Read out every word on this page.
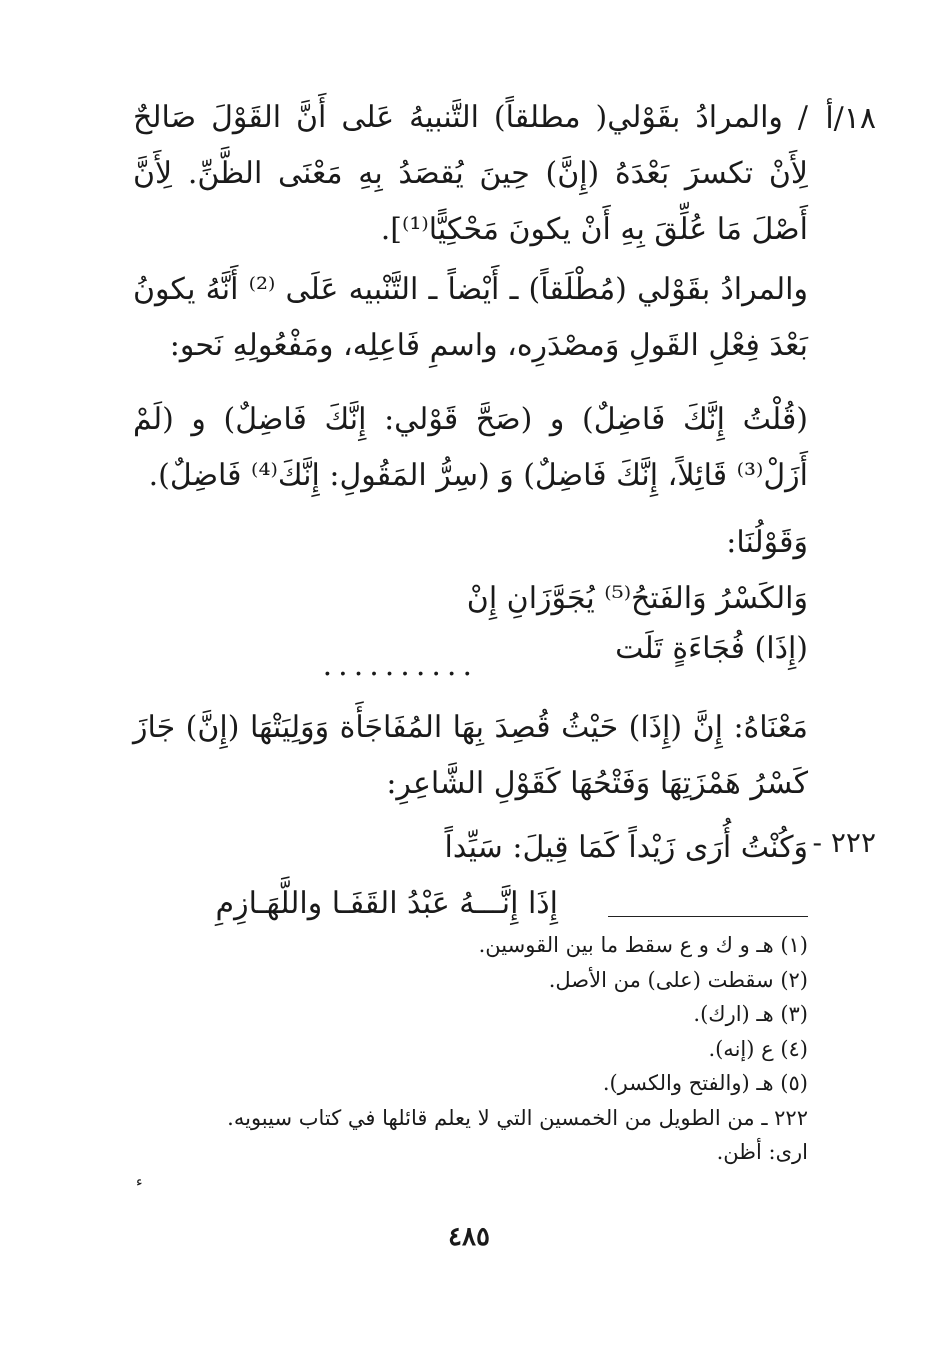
١٨/أ

/ والمرادُ بقَوْلي( مطلقاً) التَّنبيهُ عَلى أَنَّ القَوْلَ صَالحٌ لِأَنْ تكسرَ بَعْدَهُ (إِنَّ) حِينَ يُقصَدُ بِهِ مَعْنَى الظَّنِّ. لِأَنَّ أَصْلَ مَا عُلِّقَ بِهِ أَنْ يكونَ مَحْكِيًّا⁽¹⁾].

والمرادُ بقَوْلي (مُطْلَقاً) ـ أَيْضاً ـ التَّنْبيه عَلَى ⁽²⁾ أَنَّهُ يكونُ بَعْدَ فِعْلِ القَولِ وَمصْدَرِه، واسمِ فَاعِلِه، ومَفْعُولِهِ نَحو:

(قُلْتُ إِنَّكَ فَاضِلٌ) و (صَحَّ قَوْلي: إِنَّكَ فَاضِلٌ) و (لَمْ أَزَلْ⁽³⁾ قَائِلاً، إِنَّكَ فَاضِلٌ) وَ (سِرُّ المَقُولِ: إِنَّكَ⁽⁴⁾ فَاضِلٌ).

وَقَوْلُنَا:

وَالكَسْرُ وَالفَتحُ⁽⁵⁾ يُجَوَّزَانِ إِنْ
(إِذَا) فُجَاءَةٍ تَلَت
..........

مَعْنَاهُ: إِنَّ (إِذَا) حَيْثُ قُصِدَ بِهَا المُفَاجَأَة وَوَلِيَتْهَا (إِنَّ) جَازَ كَسْرُ هَمْزَتِهَا وَفَتْحُهَا كَقَوْلِ الشَّاعِرِ:

٢٢٢ -
وَكُنْتُ أُرَى زَيْداً كَمَا قِيلَ: سَيِّداً
إِذَا إِنَّـــهُ عَبْدُ القَفَـا واللَّهَـازِمِ
(١) هـ و ك و ع سقط ما بين القوسين.
(٢) سقطت (على) من الأصل.
(٣) هـ (ارك).
(٤) ع (إنه).
(٥) هـ (والفتح والكسر).
٢٢٢ ـ من الطويل من الخمسين التي لا يعلم قائلها في كتاب سيبويه.
ارى: أظن.
ء
٤٨٥
